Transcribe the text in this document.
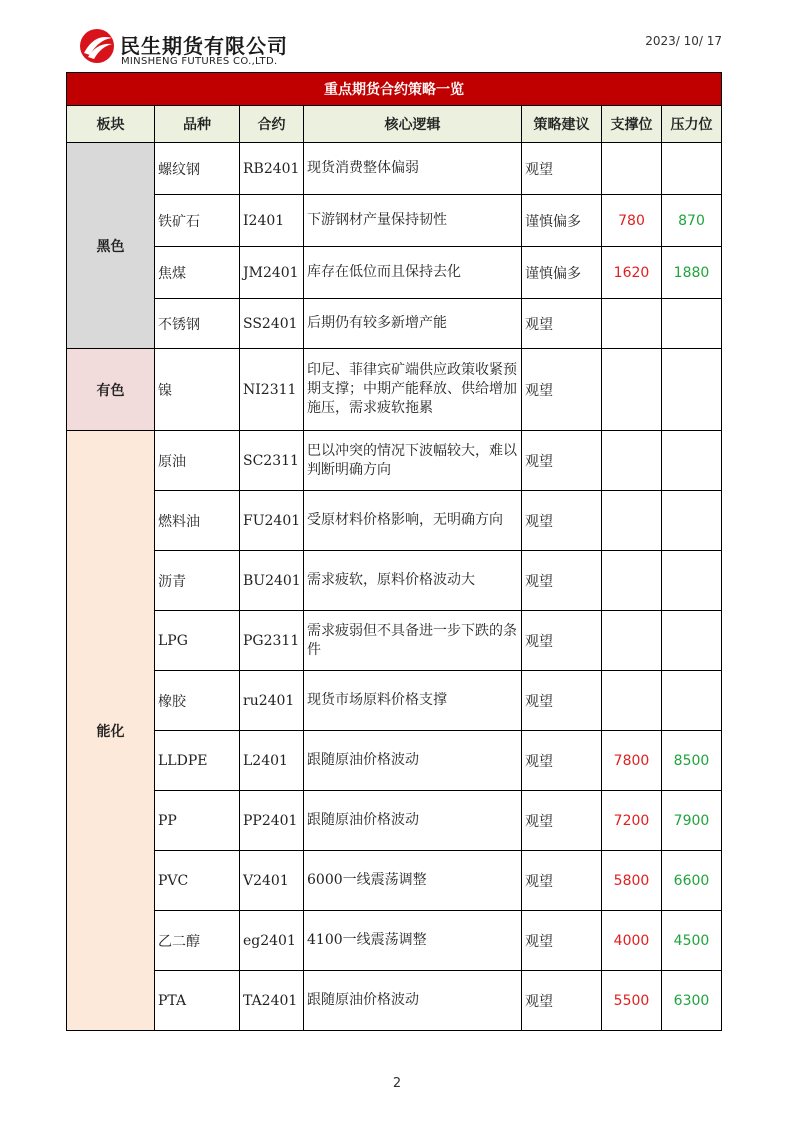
民生期货有限公司
MINSHENG FUTURES CO.,LTD.
2023/ 10/ 17
重点期货合约策略一览						
板块	品种	合约	核心逻辑	策略建议	支撑位	压力位
黑色	螺纹钢	RB2401	现货消费整体偏弱	观望		
	铁矿石	I2401	下游钢材产量保持韧性	谨慎偏多	780	870
	焦煤	JM2401	库存在低位而且保持去化	谨慎偏多	1620	1880
	不锈钢	SS2401	后期仍有较多新增产能	观望		
有色	镍	NI2311	印尼、菲律宾矿端供应政策收紧预期支撑；中期产能释放、供给增加施压，需求疲软拖累	观望		
能化	原油	SC2311	巴以冲突的情况下波幅较大，难以判断明确方向	观望		
	燃料油	FU2401	受原材料价格影响，无明确方向	观望		
	沥青	BU2401	需求疲软，原料价格波动大	观望		
	LPG	PG2311	需求疲弱但不具备进一步下跌的条件	观望		
	橡胶	ru2401	现货市场原料价格支撑	观望		
	LLDPE	L2401	跟随原油价格波动	观望	7800	8500
	PP	PP2401	跟随原油价格波动	观望	7200	7900
	PVC	V2401	6000一线震荡调整	观望	5800	6600
	乙二醇	eg2401	4100一线震荡调整	观望	4000	4500
	PTA	TA2401	跟随原油价格波动	观望	5500	6300
2
